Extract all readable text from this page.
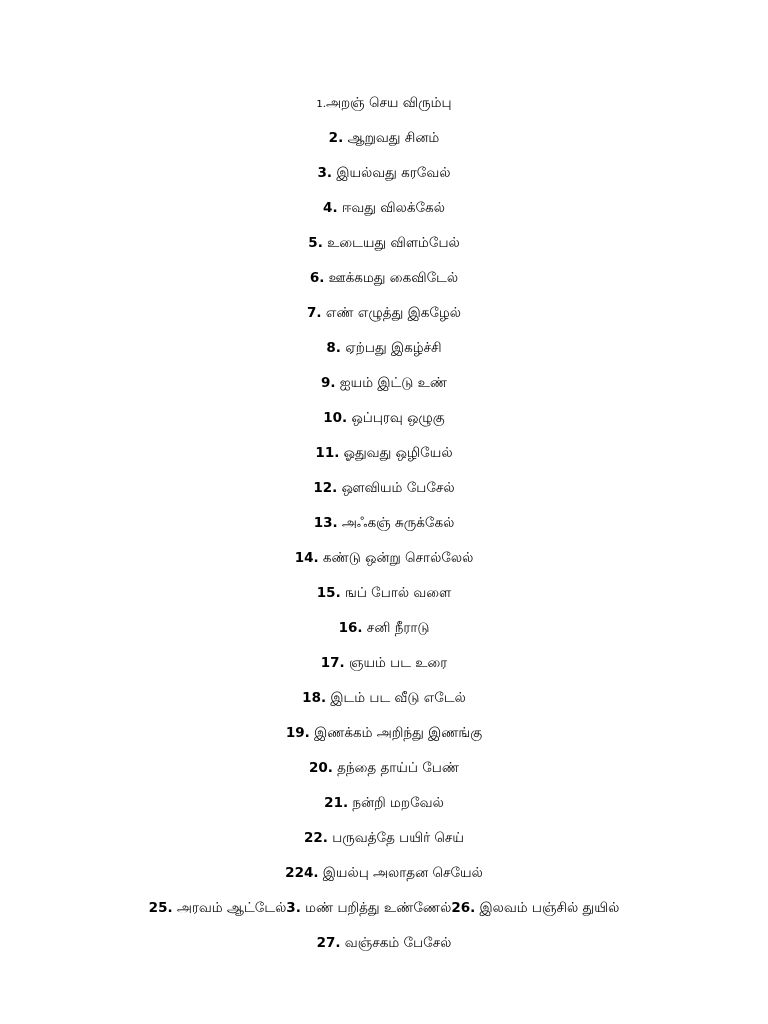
1.அறஞ் செய விரும்பு
2. ஆறுவது சினம்
3. இயல்வது கரவேல்
4. ஈவது விலக்கேல்
5. உடையது விளம்பேல்
6. ஊக்கமது கைவிடேல்
7. எண் எழுத்து இகழேல்
8. ஏற்பது இகழ்ச்சி
9. ஐயம் இட்டு உண்
10. ஒப்புரவு ஒழுகு
11. ஓதுவது ஒழியேல்
12. ஔவியம் பேசேல்
13. அஃகஞ் சுருக்கேல்
14. கண்டு ஒன்று சொல்லேல்
15. ஙப் போல் வளை
16. சனி நீராடு
17. ஞயம் பட உரை
18. இடம் பட வீடு எடேல்
19. இணக்கம் அறிந்து இணங்கு
20. தந்தை தாய்ப் பேண்
21. நன்றி மறவேல்
22. பருவத்தே பயிர் செய்
224. இயல்பு அலாதன செயேல்
25. அரவம் ஆட்டேல்3. மண் பறித்து உண்ணேல்26. இலவம் பஞ்சில் துயில்
27. வஞ்சகம் பேசேல்
